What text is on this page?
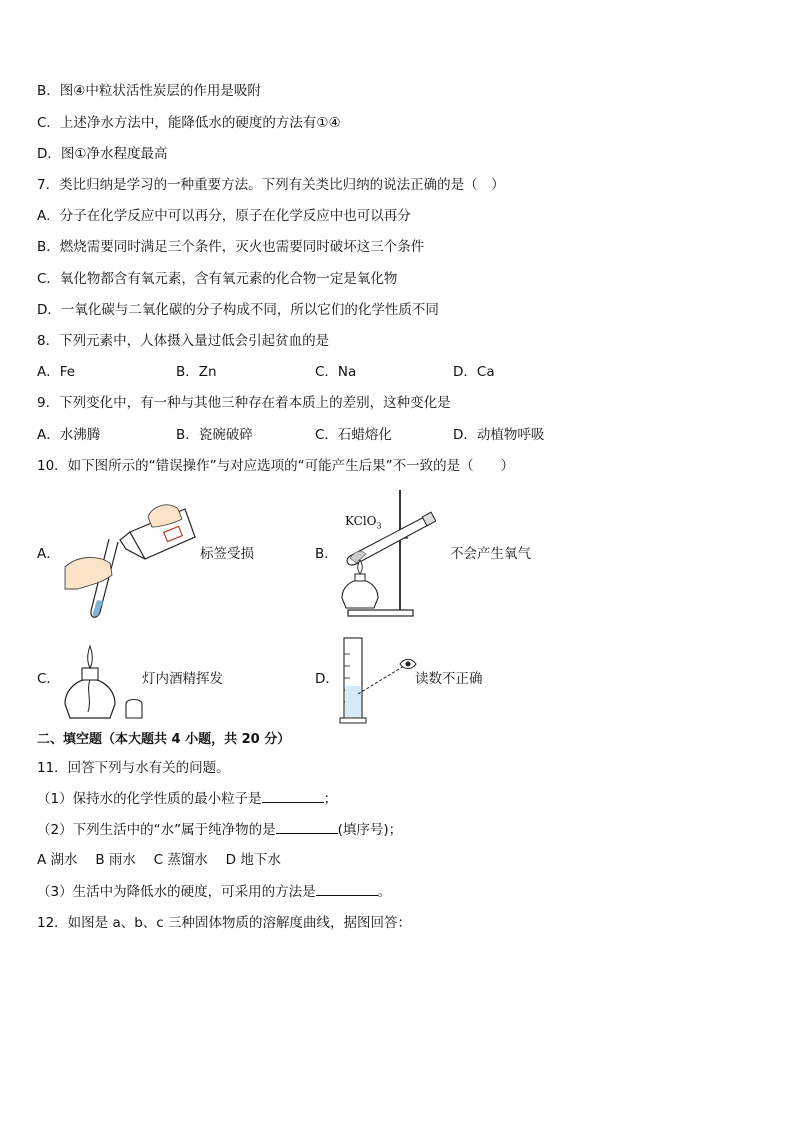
B．图④中粒状活性炭层的作用是吸附
C．上述净水方法中，能降低水的硬度的方法有①④
D．图①净水程度最高
7．类比归纳是学习的一种重要方法。下列有关类比归纳的说法正确的是（　）
A．分子在化学反应中可以再分，原子在化学反应中也可以再分
B．燃烧需要同时满足三个条件，灭火也需要同时破坏这三个条件
C．氧化物都含有氧元素，含有氧元素的化合物一定是氧化物
D．一氧化碳与二氧化碳的分子构成不同，所以它们的化学性质不同
8．下列元素中，人体摄入量过低会引起贫血的是
A．Fe	B．Zn	C．Na	D．Ca
9．下列变化中，有一种与其他三种存在着本质上的差别，这种变化是
A．水沸腾	B．瓷碗破碎	C．石蜡熔化	D．动植物呼吸
10．如下图所示的“错误操作”与对应选项的“可能产生后果”不一致的是（　　）
A．	标签受损	B．
KClO$_3$
不会产生氧气
C．	灯内酒精挥发	D．	读数不正确
二、填空题（本大题共 4 小题，共 20 分）
11．回答下列与水有关的问题。
（1）保持水的化学性质的最小粒子是	；
（2）下列生活中的“水”属于纯净物的是	(填序号)；
A 湖水　 B 雨水　 C 蒸馏水　 D 地下水
（3）生活中为降低水的硬度，可采用的方法是	。
12．如图是 a、b、c 三种固体物质的溶解度曲线，据图回答：
